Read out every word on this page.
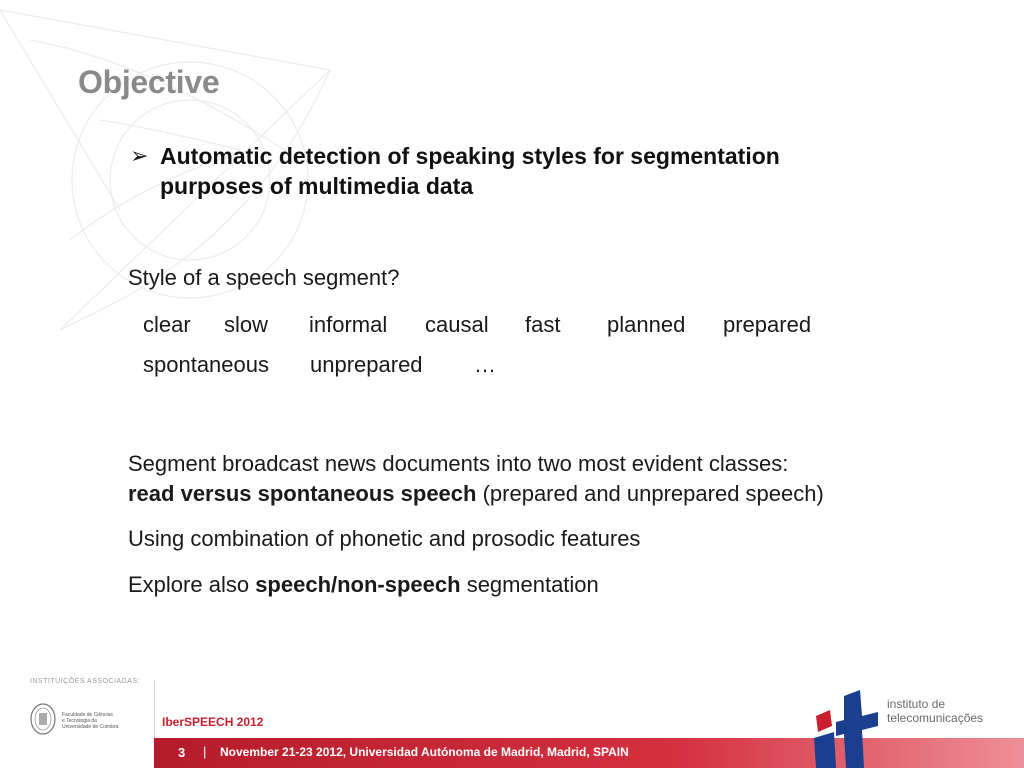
Objective
➢ Automatic detection of speaking styles for segmentation
purposes of multimedia data
Style of a speech segment?
clear slow informal causal fast planned prepared
spontaneous unprepared …
Segment broadcast news documents into two most evident classes:
read versus spontaneous speech (prepared and unprepared speech)
Using combination of phonetic and prosodic features
Explore also speech/non-speech segmentation
INSTITUIÇÕES ASSOCIADAS:
Faculdade de Ciências
e Tecnologia da
Universidade de Coimbra	IberSPEECH 2012
3 | November 21-23 2012, Universidad Autónoma de Madrid, Madrid, SPAIN
instituto de
telecomunicações
